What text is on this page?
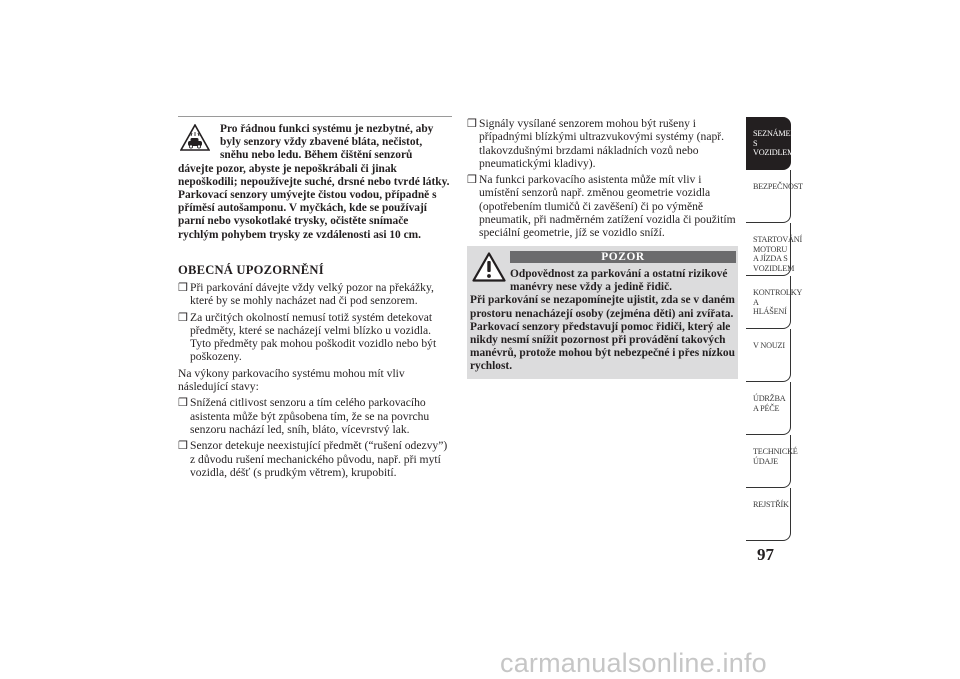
Pro řádnou funkci systému je nezbytné, aby byly senzory vždy zbavené bláta, nečistot, sněhu nebo ledu. Během čištění senzorů
dávejte pozor, abyste je nepoškrábali či jinak nepoškodili; nepoužívejte suché, drsné nebo tvrdé látky. Parkovací senzory umývejte čistou vodou, případně s příměsí autošamponu. V myčkách, kde se používají parní nebo vysokotlaké trysky, očistěte snímače rychlým pohybem trysky ze vzdálenosti asi 10 cm.
OBECNÁ UPOZORNĚNÍ
❒ Při parkování dávejte vždy velký pozor na překážky, které by se mohly nacházet nad či pod senzorem.
❒ Za určitých okolností nemusí totiž systém detekovat předměty, které se nacházejí velmi blízko u vozidla. Tyto předměty pak mohou poškodit vozidlo nebo být poškozeny.
Na výkony parkovacího systému mohou mít vliv následující stavy:
❒ Snížená citlivost senzoru a tím celého parkovacího asistenta může být způsobena tím, že se na povrchu senzoru nachází led, sníh, bláto, vícevrstvý lak.
❒ Senzor detekuje neexistující předmět (“rušení odezvy”) z důvodu rušení mechanického původu, např. při mytí vozidla, déšť (s prudkým větrem), krupobití.
❒ Signály vysílané senzorem mohou být rušeny i případnými blízkými ultrazvukovými systémy (např. tlakovzdušnými brzdami nákladních vozů nebo pneumatickými kladivy).
❒ Na funkci parkovacího asistenta může mít vliv i umístění senzorů např. změnou geometrie vozidla (opotřebením tlumičů či zavěšení) či po výměně pneumatik, při nadměrném zatížení vozidla či použitím speciální geometrie, jíž se vozidlo sníží.
POZOR
Odpovědnost za parkování a ostatní rizikové manévry nese vždy a jedině řidič.
Při parkování se nezapomínejte ujistit, zda se v daném prostoru nenacházejí osoby (zejména děti) ani zvířata. Parkovací senzory představují pomoc řidiči, který ale nikdy nesmí snížit pozornost při provádění takových manévrů, protože mohou být nebezpečné i přes nízkou rychlost.
SEZNÁMENÍ S VOZIDLEM
BEZPEČNOST
STARTOVÁNÍ MOTORU A JÍZDA S VOZIDLEM
KONTROLKY A HLÁŠENÍ
V NOUZI
ÚDRŽBA A PÉČE
TECHNICKÉ ÚDAJE
REJSTŘÍK
97
carmanualsonline.info
